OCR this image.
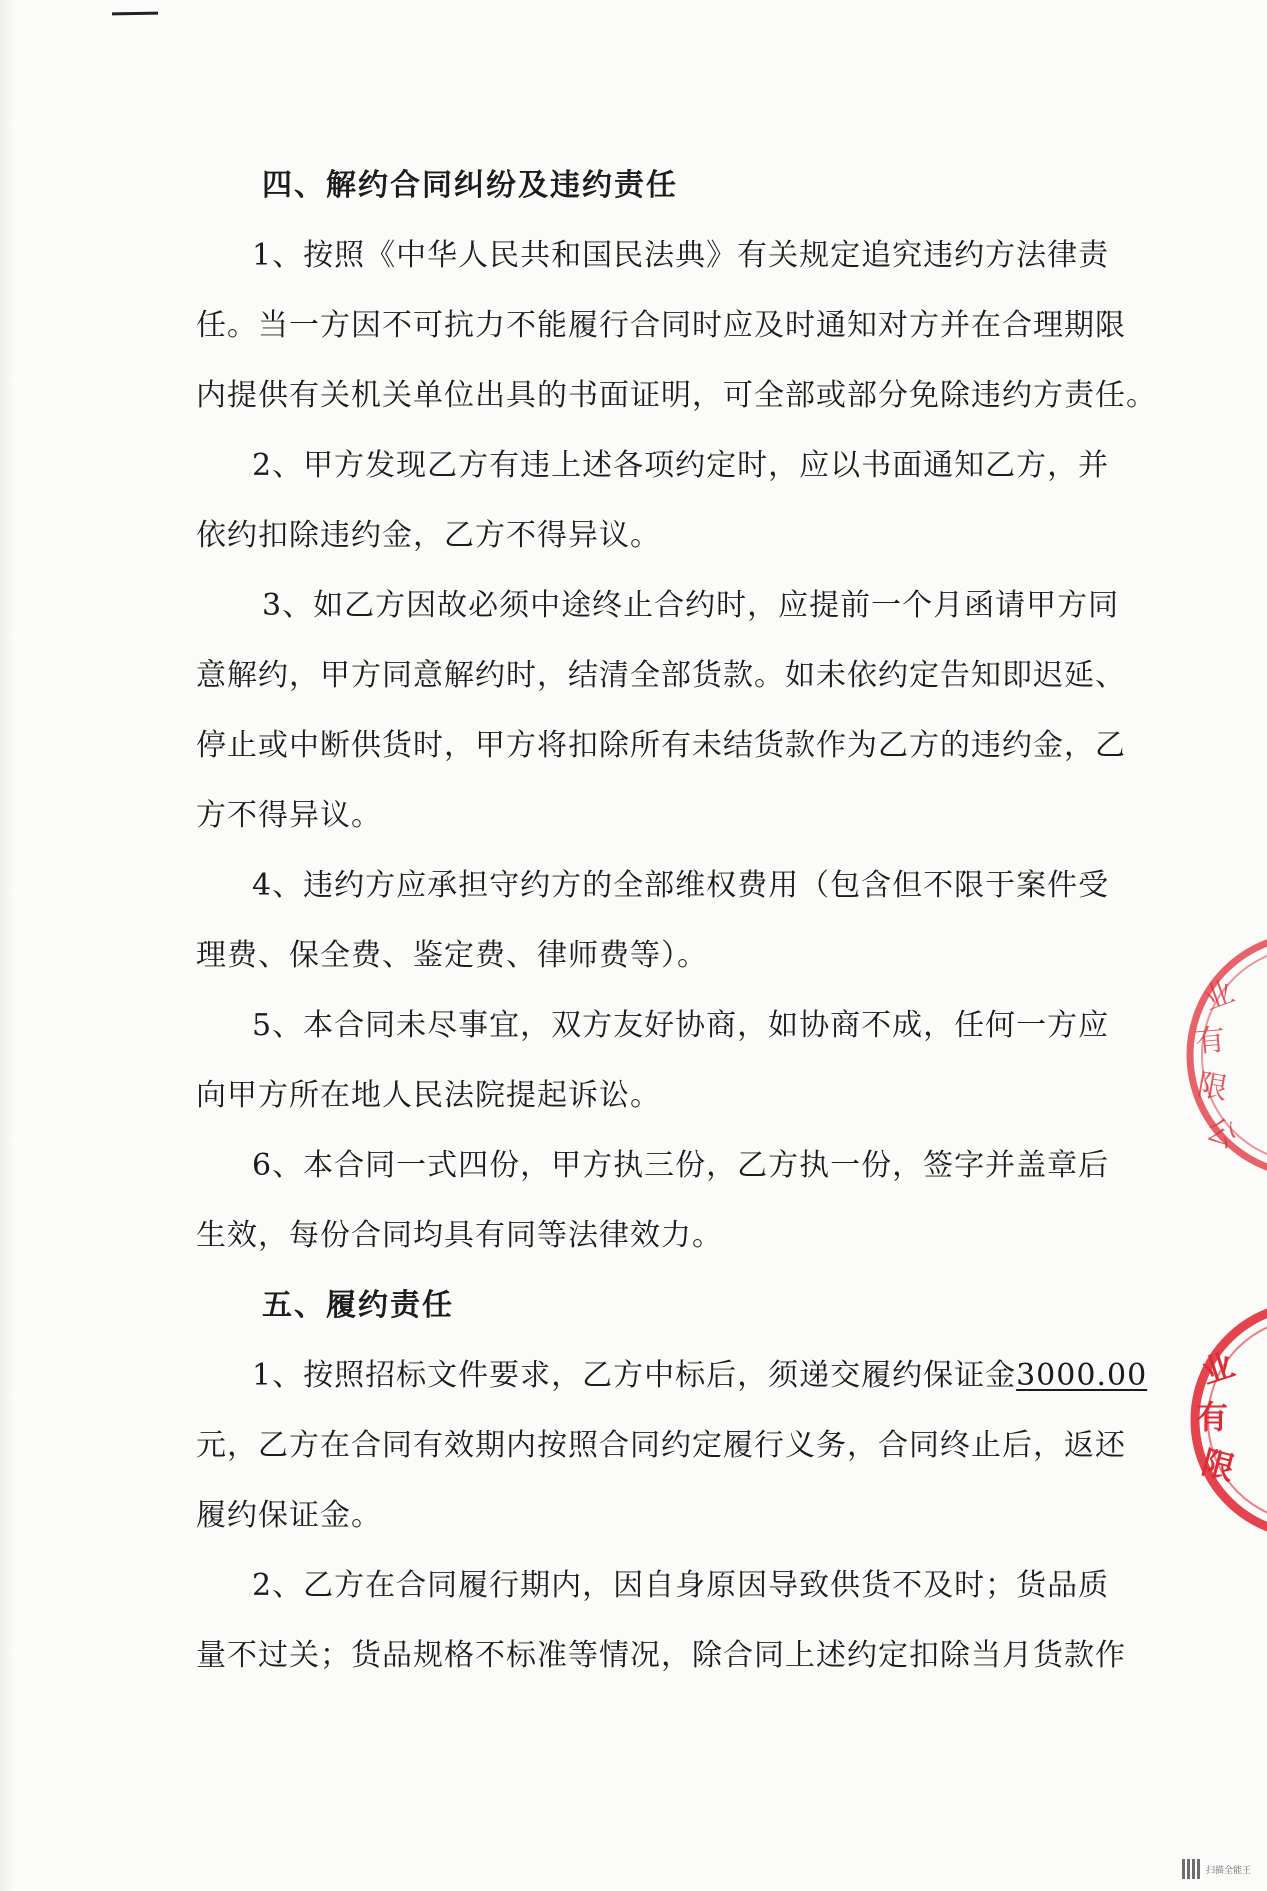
四、解约合同纠纷及违约责任
1、按照《中华人民共和国民法典》有关规定追究违约方法律责
任。当一方因不可抗力不能履行合同时应及时通知对方并在合理期限
内提供有关机关单位出具的书面证明，可全部或部分免除违约方责任。
2、甲方发现乙方有违上述各项约定时，应以书面通知乙方，并
依约扣除违约金，乙方不得异议。
3、如乙方因故必须中途终止合约时，应提前一个月函请甲方同
意解约，甲方同意解约时，结清全部货款。如未依约定告知即迟延、
停止或中断供货时，甲方将扣除所有未结货款作为乙方的违约金，乙
方不得异议。
4、违约方应承担守约方的全部维权费用（包含但不限于案件受
理费、保全费、鉴定费、律师费等）。
5、本合同未尽事宜，双方友好协商，如协商不成，任何一方应
向甲方所在地人民法院提起诉讼。
6、本合同一式四份，甲方执三份，乙方执一份，签字并盖章后
生效，每份合同均具有同等法律效力。
五、履约责任
1、按照招标文件要求，乙方中标后，须递交履约保证金3000.00
元，乙方在合同有效期内按照合同约定履行义务，合同终止后，返还
履约保证金。
2、乙方在合同履行期内，因自身原因导致供货不及时；货品质
量不过关；货品规格不标准等情况，除合同上述约定扣除当月货款作
业
有
限
公
业
有
限
扫描全能王
